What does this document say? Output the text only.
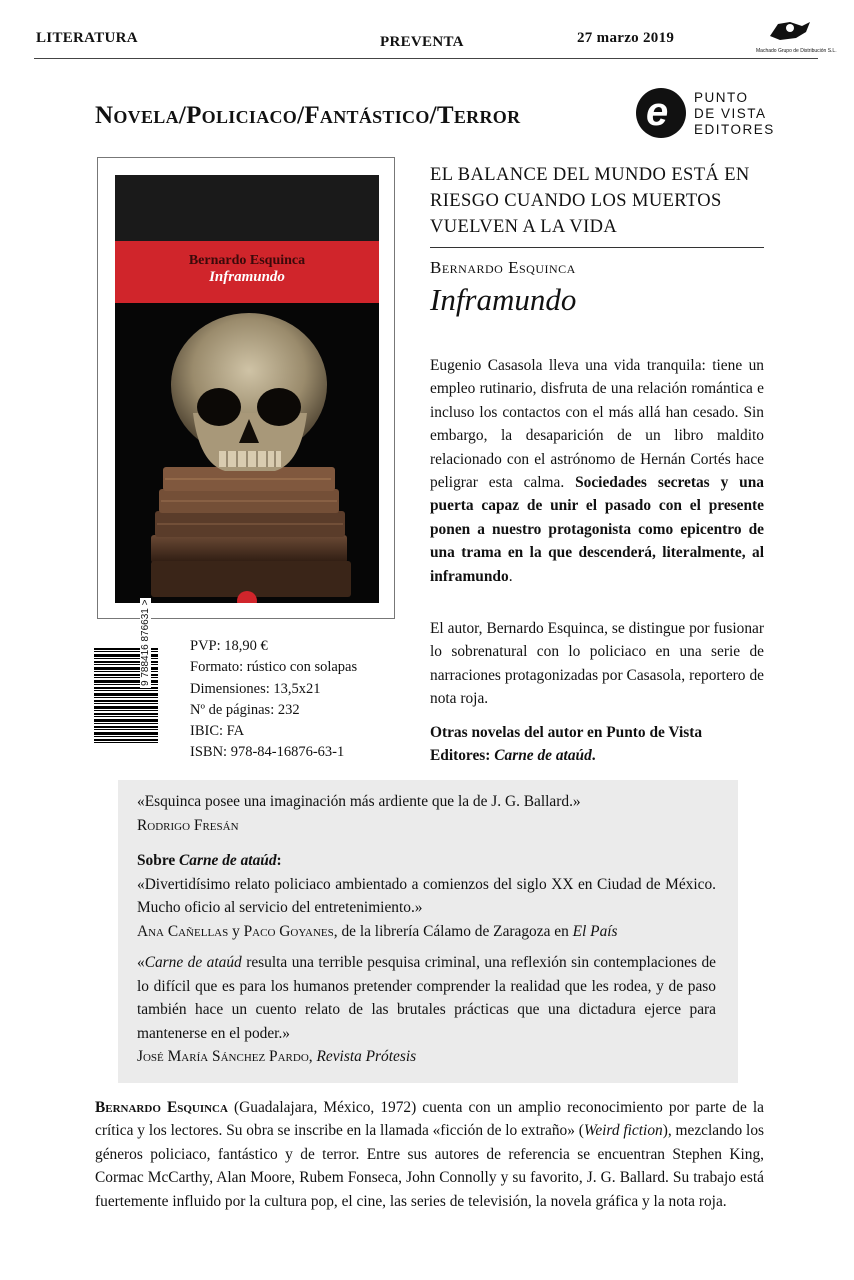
LITERATURA	PREVENTA	27 marzo 2019
Machado Grupo de Distribución S.L.
Novela/Policiaco/Fantástico/Terror	e PUNTO
DE VISTA
EDITORES
Bernardo Esquinca
Inframundo
9 788416 876631 >	PVP: 18,90 €
Formato: rústico con solapas
Dimensiones: 13,5x21
Nº de páginas: 232
IBIC: FA
ISBN: 978-84-16876-63-1
EL BALANCE DEL MUNDO ESTÁ EN RIESGO CUANDO LOS MUERTOS VUELVEN A LA VIDA
Bernardo Esquinca
Inframundo
Eugenio Casasola lleva una vida tranquila: tiene un empleo rutinario, disfruta de una relación romántica e incluso los contactos con el más allá han cesado. Sin embargo, la desaparición de un libro maldito relacionado con el astrónomo de Hernán Cortés hace peligrar esta calma. Sociedades secretas y una puerta capaz de unir el pasado con el presente ponen a nuestro protagonista como epicentro de una trama en la que descenderá, literalmente, al inframundo.
El autor, Bernardo Esquinca, se distingue por fusionar lo sobrenatural con lo policiaco en una serie de narraciones protagonizadas por Casasola, reportero de nota roja.
Otras novelas del autor en Punto de Vista Editores: Carne de ataúd.
«Esquinca posee una imaginación más ardiente que la de J. G. Ballard.»
Rodrigo Fresán
Sobre Carne de ataúd:
«Divertidísimo relato policiaco ambientado a comienzos del siglo XX en Ciudad de México. Mucho oficio al servicio del entretenimiento.»
Ana Cañellas y Paco Goyanes, de la librería Cálamo de Zaragoza en El País
«Carne de ataúd resulta una terrible pesquisa criminal, una reflexión sin contemplaciones de lo difícil que es para los humanos pretender comprender la realidad que les rodea, y de paso también hace un cuento relato de las brutales prácticas que una dictadura ejerce para mantenerse en el poder.»
José María Sánchez Pardo, Revista Prótesis
Bernardo Esquinca (Guadalajara, México, 1972) cuenta con un amplio reconocimiento por parte de la crítica y los lectores. Su obra se inscribe en la llamada «ficción de lo extraño» (Weird fiction), mezclando los géneros policiaco, fantástico y de terror. Entre sus autores de referencia se encuentran Stephen King, Cormac McCarthy, Alan Moore, Rubem Fonseca, John Connolly y su favorito, J. G. Ballard. Su trabajo está fuertemente influido por la cultura pop, el cine, las series de televisión, la novela gráfica y la nota roja.
